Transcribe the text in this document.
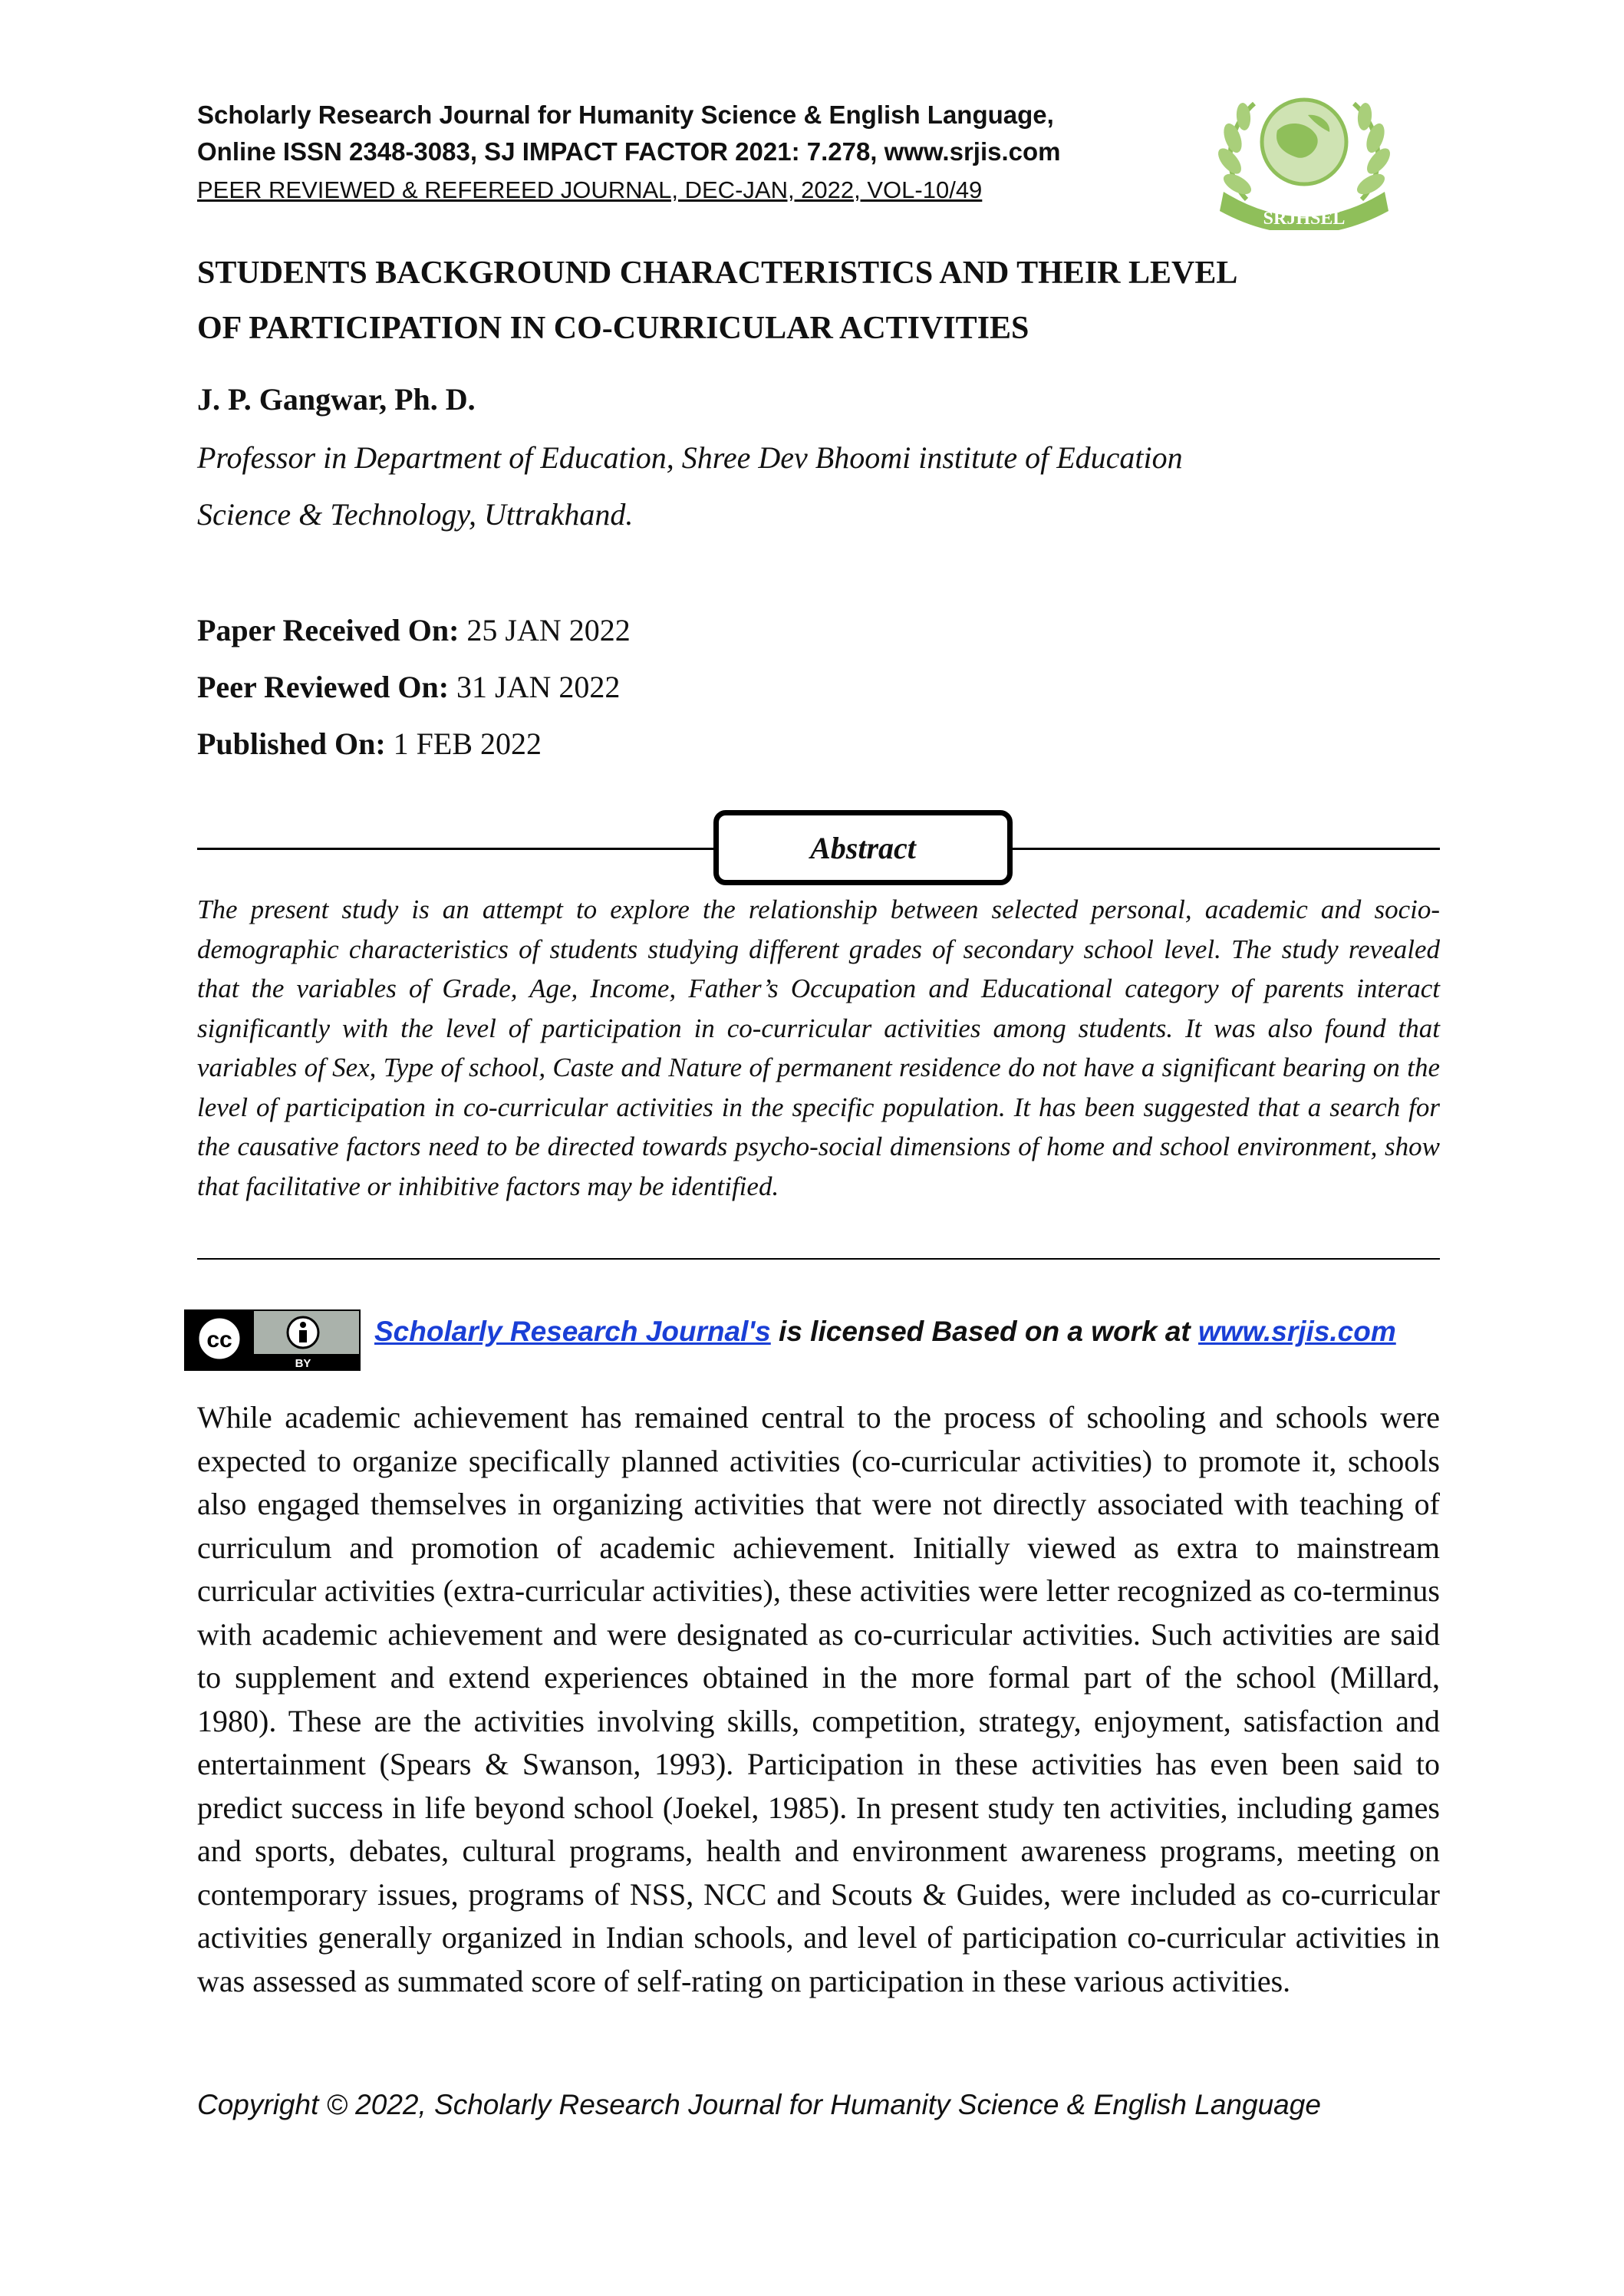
Scholarly Research Journal for Humanity Science & English Language,
Online ISSN 2348-3083, SJ IMPACT FACTOR 2021: 7.278, www.srjis.com
PEER REVIEWED & REFEREED JOURNAL, DEC-JAN, 2022, VOL-10/49
SRJHSEL
2012
STUDENTS BACKGROUND CHARACTERISTICS AND THEIR LEVEL
OF PARTICIPATION IN CO-CURRICULAR ACTIVITIES
J. P. Gangwar, Ph. D.
Professor in Department of Education, Shree Dev Bhoomi institute of Education
Science & Technology, Uttrakhand.
Paper Received On: 25 JAN 2022
Peer Reviewed On: 31 JAN 2022
Published On: 1 FEB 2022
Abstract
The present study is an attempt to explore the relationship between selected personal, academic and socio-demographic characteristics of students studying different grades of secondary school level. The study revealed that the variables of Grade, Age, Income, Father’s Occupation and Educational category of parents interact significantly with the level of participation in co-curricular activities among students. It was also found that variables of Sex, Type of school, Caste and Nature of permanent residence do not have a significant bearing on the level of participation in co-curricular activities in the specific population. It has been suggested that a search for the causative factors need to be directed towards psycho-social dimensions of home and school environment, show that facilitative or inhibitive factors may be identified.
cc
BY
Scholarly Research Journal's is licensed Based on a work at www.srjis.com
While academic achievement has remained central to the process of schooling and schools were expected to organize specifically planned activities (co-curricular activities) to promote it, schools also engaged themselves in organizing activities that were not directly associated with teaching of curriculum and promotion of academic achievement. Initially viewed as extra to mainstream curricular activities (extra-curricular activities), these activities were letter recognized as co-terminus with academic achievement and were designated as co-curricular activities. Such activities are said to supplement and extend experiences obtained in the more formal part of the school (Millard, 1980). These are the activities involving skills, competition, strategy, enjoyment, satisfaction and entertainment (Spears & Swanson, 1993). Participation in these activities has even been said to predict success in life beyond school (Joekel, 1985). In present study ten activities, including games and sports, debates, cultural programs, health and environment awareness programs, meeting on contemporary issues, programs of NSS, NCC and Scouts & Guides, were included as co-curricular activities generally organized in Indian schools, and level of participation co-curricular activities in was assessed as summated score of self-rating on participation in these various activities.
Copyright © 2022, Scholarly Research Journal for Humanity Science & English Language
